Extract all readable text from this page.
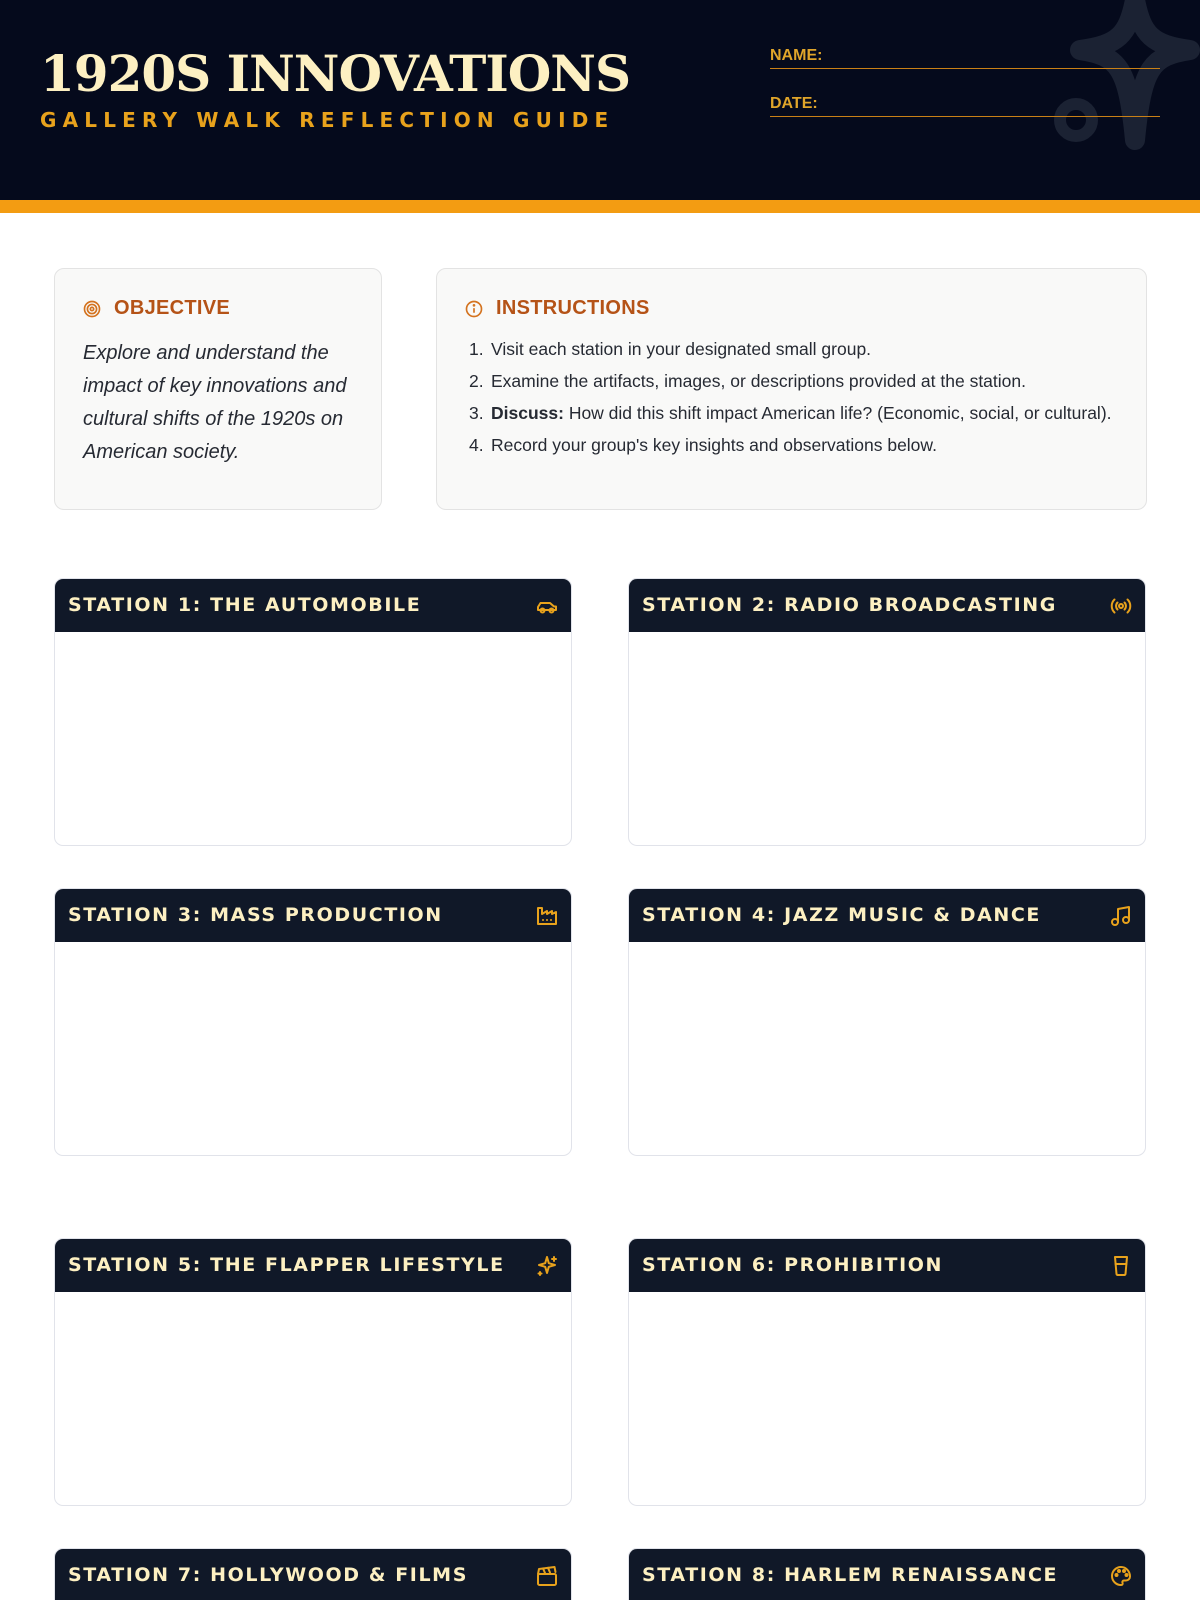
1920S INNOVATIONS
GALLERY WALK REFLECTION GUIDE
NAME:
DATE:
OBJECTIVE
Explore and understand the impact of key innovations and cultural shifts of the 1920s on American society.
INSTRUCTIONS
1. Visit each station in your designated small group.
2. Examine the artifacts, images, or descriptions provided at the station.
3. Discuss: How did this shift impact American life? (Economic, social, or cultural).
4. Record your group's key insights and observations below.
STATION 1: THE AUTOMOBILE	STATION 2: RADIO BROADCASTING
STATION 3: MASS PRODUCTION	STATION 4: JAZZ MUSIC & DANCE
STATION 5: THE FLAPPER LIFESTYLE	STATION 6: PROHIBITION
STATION 7: HOLLYWOOD & FILMS	STATION 8: HARLEM RENAISSANCE
